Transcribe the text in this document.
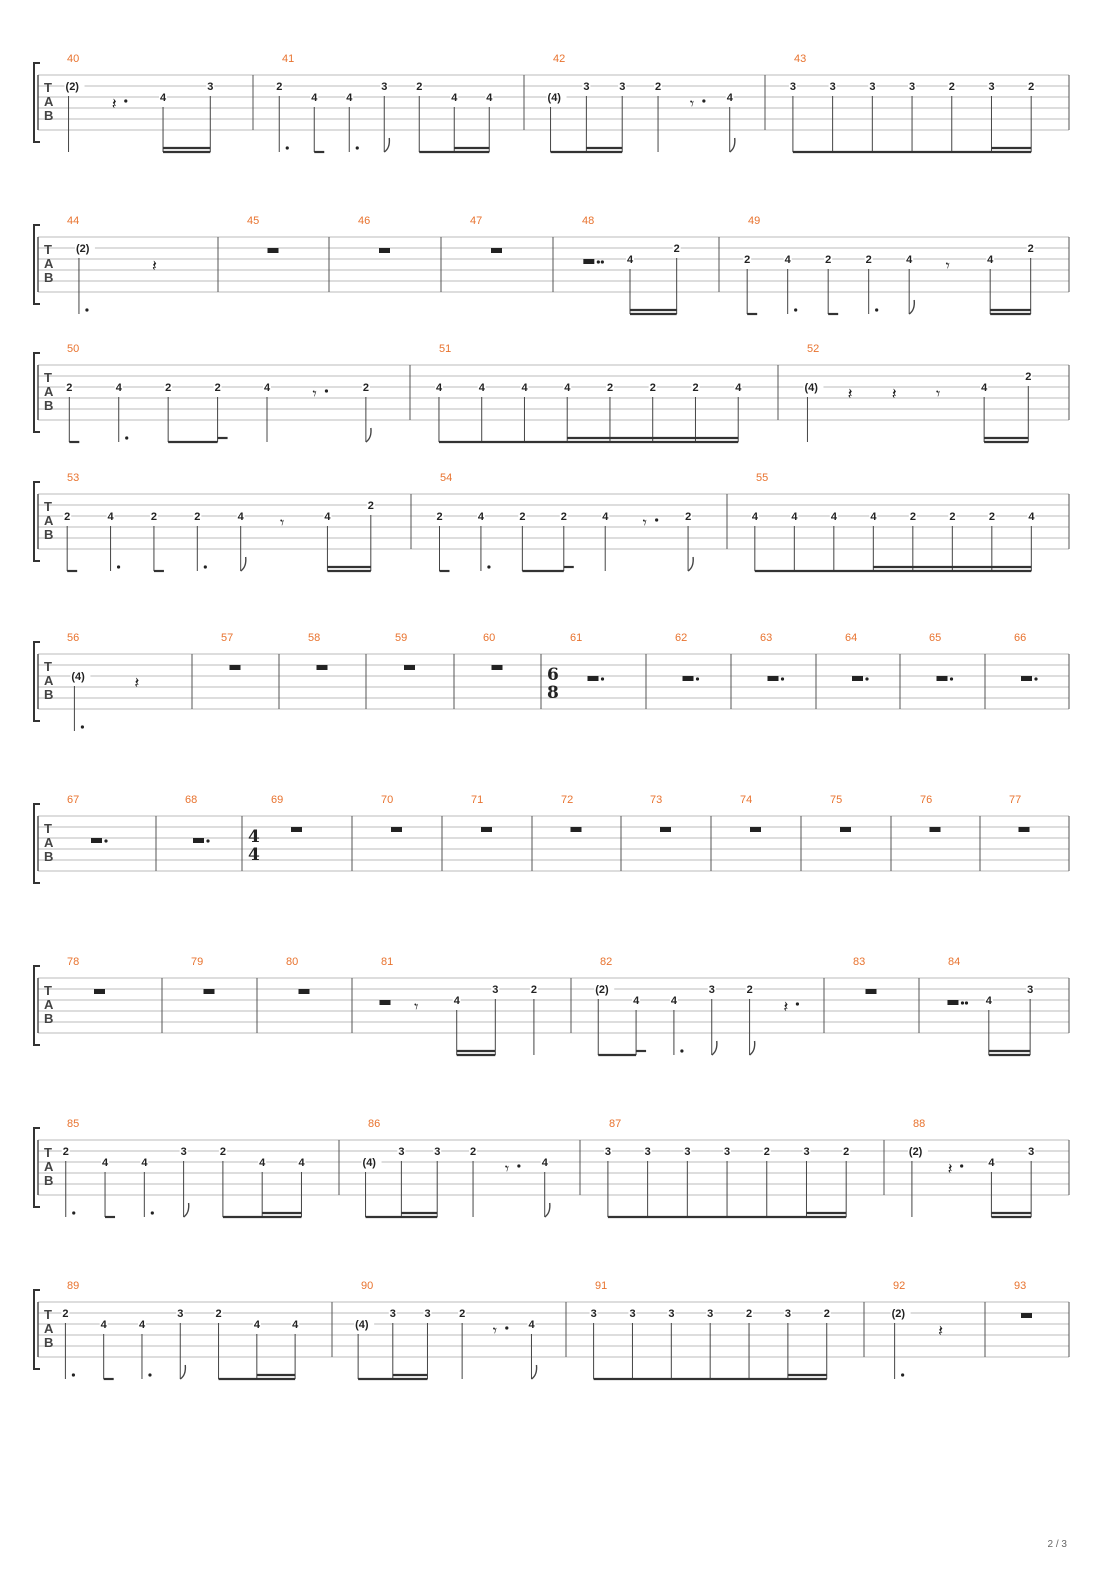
T
A
B
40
(2)
𝄽	4
3
41
2
4	4
3	2
4	4
42
(4)
3	3	2
𝄾	4
43
3	3	3	3	2	3	2
T
A
B
44
(2)
𝄽
45	46	47	48
4
2
49
2	4	2	2	4 𝄾	4
2
T
A
B
50
2	4	2	2	4	𝄾	2
51
4	4	4	4	2	2	2	4
52
(4) 𝄽 𝄽 𝄾	4
2
T
A
B
53
2	4	2	2	4 𝄾	4
2
54
2	4	2	2	4 𝄾	2
55
4	4	4	4	2	2	2	4
T
A
B
56
(4)	𝄽
57	58	59	60	61
6
8
62	63	64	65	66
T
A
B
67	68	69
4
4
70	71	72	73	74	75	76	77
T
A
B
78	79	80	81
𝄾	4
3	2
82
(2)
4	4
3	2
𝄽
83	84
4
3
T
A
B
85
2
4	4
3	2
4	4
86
(4)
3	3	2
𝄾	4
87
3	3	3	3	2	3	2
88
(2)
𝄽	4
3
T
A
B
89
2
4	4
3	2
4	4
90
(4)
3	3	2
𝄾	4
91
3	3	3	3	2	3	2
92
(2)
𝄽
93
2 / 3
